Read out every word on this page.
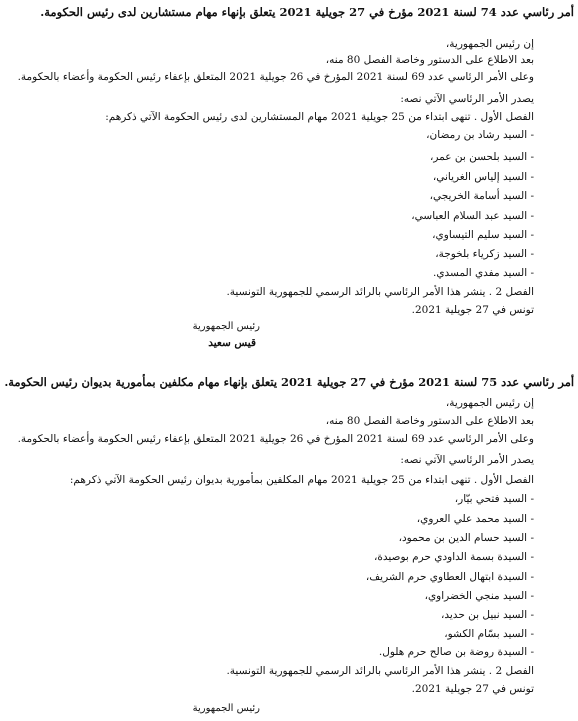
أمر رئاسي عدد 74 لسنة 2021 مؤرخ في 27 جويلية 2021 يتعلق بإنهاء مهام مستشارين لدى رئيس الحكومة.
إن رئيس الجمهورية،
بعد الاطلاع على الدستور وخاصة الفصل 80 منه،
وعلى الأمر الرئاسي عدد 69 لسنة 2021 المؤرخ في 26 جويلية 2021 المتعلق بإعفاء رئيس الحكومة وأعضاء بالحكومة.
يصدر الأمر الرئاسي الآتي نصه:
الفصل الأول . تنهى ابتداء من 25 جويلية 2021 مهام المستشارين لدى رئيس الحكومة الآتي ذكرهم:
- السيد رشاد بن رمضان،
- السيد بلحسن بن عمر،
- السيد إلياس الغرياني،
- السيد أسامة الخريجي،
- السيد عبد السلام العباسي،
- السيد سليم التيساوي،
- السيد زكرياء بلخوجة،
- السيد مفدي المسدي.
الفصل 2 . ينشر هذا الأمر الرئاسي بالرائد الرسمي للجمهورية التونسية.
تونس في 27 جويلية 2021.
رئيس الجمهورية
قيس سعيد
أمر رئاسي عدد 75 لسنة 2021 مؤرخ في 27 جويلية 2021 يتعلق بإنهاء مهام مكلفين بمأمورية بديوان رئيس الحكومة.
إن رئيس الجمهورية،
بعد الاطلاع على الدستور وخاصة الفصل 80 منه،
وعلى الأمر الرئاسي عدد 69 لسنة 2021 المؤرخ في 26 جويلية 2021 المتعلق بإعفاء رئيس الحكومة وأعضاء بالحكومة.
يصدر الأمر الرئاسي الآتي نصه:
الفصل الأول . تنهى ابتداء من 25 جويلية 2021 مهام المكلفين بمأمورية بديوان رئيس الحكومة الآتي ذكرهم:
- السيد فتحي بيّار،
- السيد محمد علي العروي،
- السيد حسام الدين بن محمود،
- السيدة بسمة الداودي حرم بوصيدة،
- السيدة ابتهال العطاوي حرم الشريف،
- السيد منجي الخضراوي،
- السيد نبيل بن حديد،
- السيد بسّام الكشو،
- السيدة روضة بن صالح حرم هلول.
الفصل 2 . ينشر هذا الأمر الرئاسي بالرائد الرسمي للجمهورية التونسية.
تونس في 27 جويلية 2021.
رئيس الجمهورية
